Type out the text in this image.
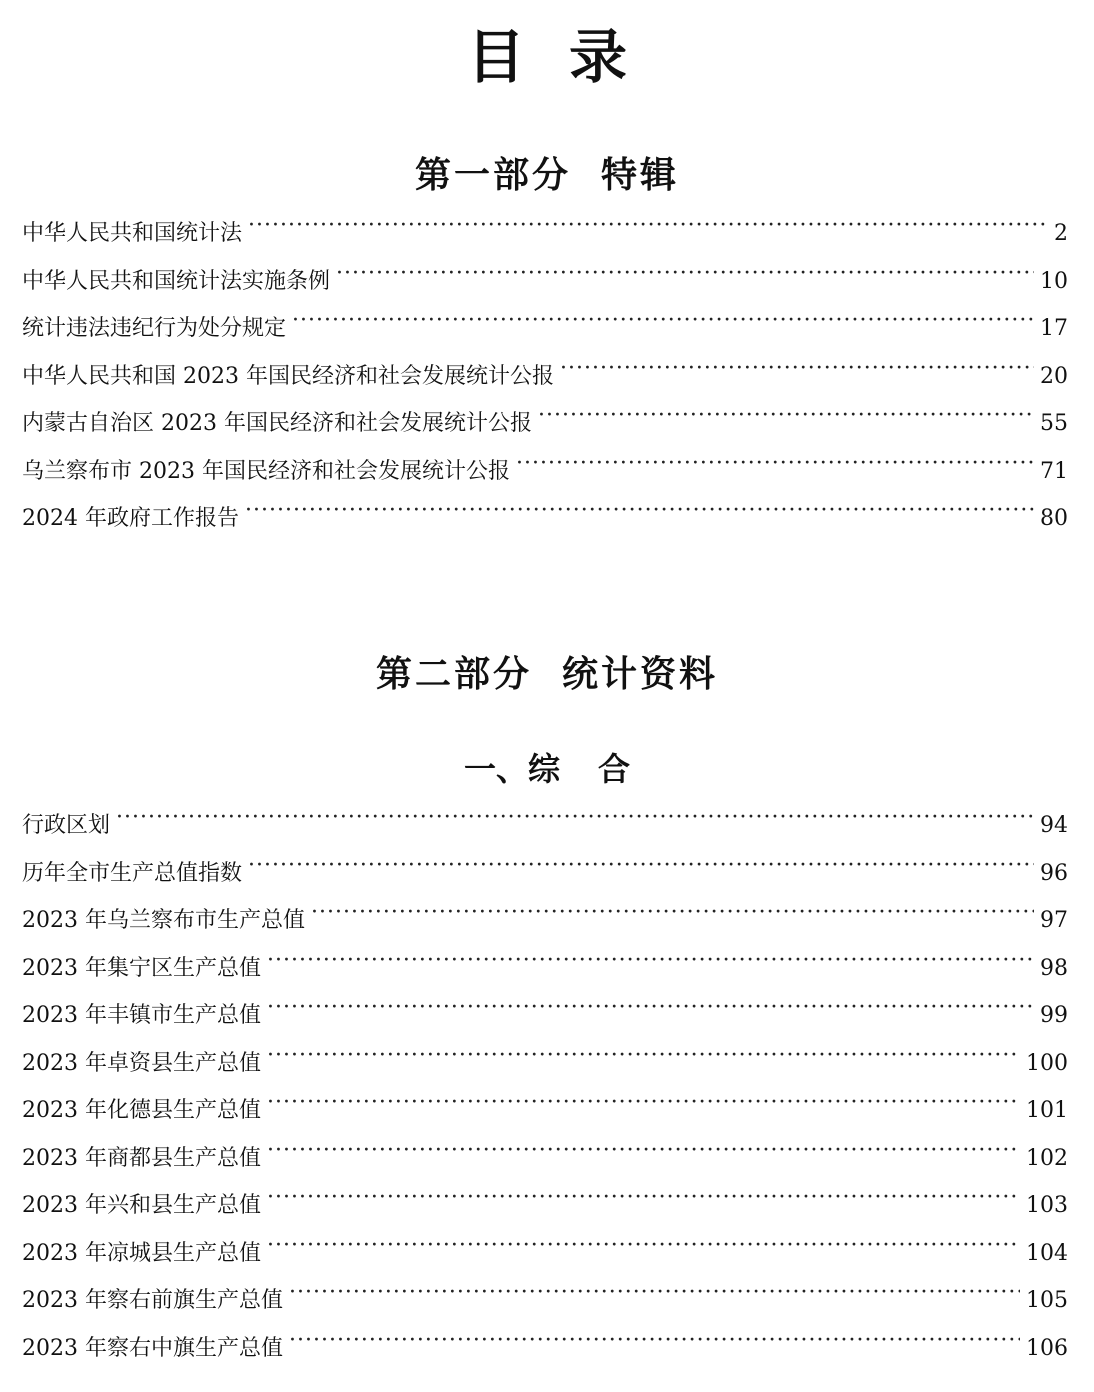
目录
第一部分 特辑
中华人民共和国统计法 ·····	2
中华人民共和国统计法实施条例 ·····	10
统计违法违纪行为处分规定 ·····	17
中华人民共和国 2023 年国民经济和社会发展统计公报 ·····	20
内蒙古自治区 2023 年国民经济和社会发展统计公报 ·····	55
乌兰察布市 2023 年国民经济和社会发展统计公报 ·····	71
2024 年政府工作报告 ·····	80
第二部分 统计资料
一、综 合
行政区划 ·····	94
历年全市生产总值指数 ·····	96
2023 年乌兰察布市生产总值 ·····	97
2023 年集宁区生产总值 ·····	98
2023 年丰镇市生产总值 ·····	99
2023 年卓资县生产总值 ·····	100
2023 年化德县生产总值 ·····	101
2023 年商都县生产总值 ·····	102
2023 年兴和县生产总值 ·····	103
2023 年凉城县生产总值 ·····	104
2023 年察右前旗生产总值 ·····	105
2023 年察右中旗生产总值 ·····	106
